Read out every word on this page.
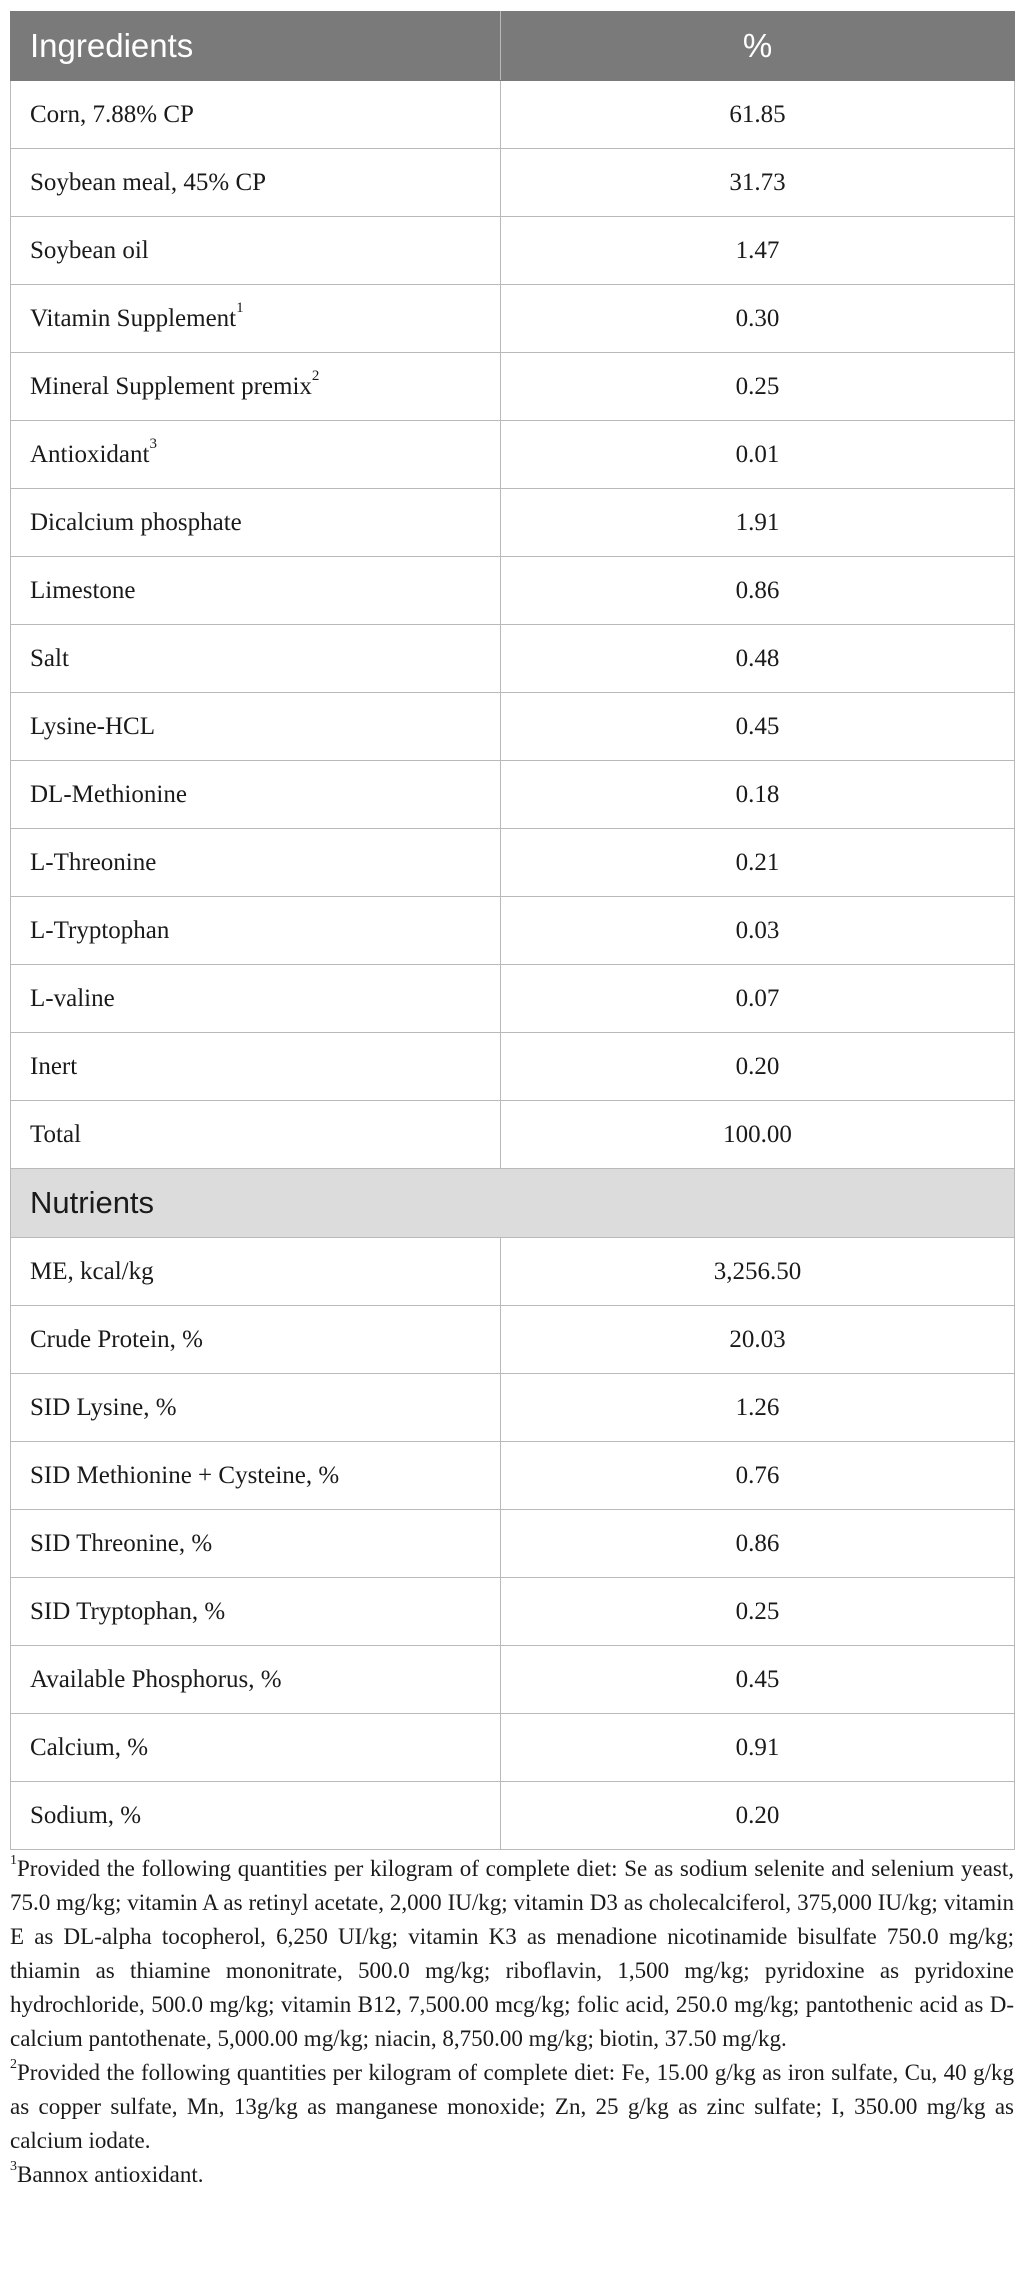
Ingredients	%
Corn, 7.88% CP	61.85
Soybean meal, 45% CP	31.73
Soybean oil	1.47
Vitamin Supplement$^1$	0.30
Mineral Supplement premix$^2$	0.25
Antioxidant$^3$	0.01
Dicalcium phosphate	1.91
Limestone	0.86
Salt	0.48
Lysine-HCL	0.45
DL-Methionine	0.18
L-Threonine	0.21
L-Tryptophan	0.03
L-valine	0.07
Inert	0.20
Total	100.00
Nutrients	
ME, kcal/kg	3,256.50
Crude Protein, %	20.03
SID Lysine, %	1.26
SID Methionine + Cysteine, %	0.76
SID Threonine, %	0.86
SID Tryptophan, %	0.25
Available Phosphorus, %	0.45
Calcium, %	0.91
Sodium, %	0.20

$^1$Provided the following quantities per kilogram of complete diet: Se as sodium selenite and selenium yeast, 75.0 mg/kg; vitamin A as retinyl acetate, 2,000 IU/kg; vitamin D3 as cholecalciferol, 375,000 IU/kg; vitamin E as DL-alpha tocopherol, 6,250 UI/kg; vitamin K3 as menadione nicotinamide bisulfate 750.0 mg/kg; thiamin as thiamine mononitrate, 500.0 mg/kg; riboflavin, 1,500 mg/kg; pyridoxine as pyridoxine hydrochloride, 500.0 mg/kg; vitamin B12, 7,500.00 mcg/kg; folic acid, 250.0 mg/kg; pantothenic acid as D-calcium pantothenate, 5,000.00 mg/kg; niacin, 8,750.00 mg/kg; biotin, 37.50 mg/kg.

$^2$Provided the following quantities per kilogram of complete diet: Fe, 15.00 g/kg as iron sulfate, Cu, 40 g/kg as copper sulfate, Mn, 13g/kg as manganese monoxide; Zn, 25 g/kg as zinc sulfate; I, 350.00 mg/kg as calcium iodate.

$^3$Bannox antioxidant.
